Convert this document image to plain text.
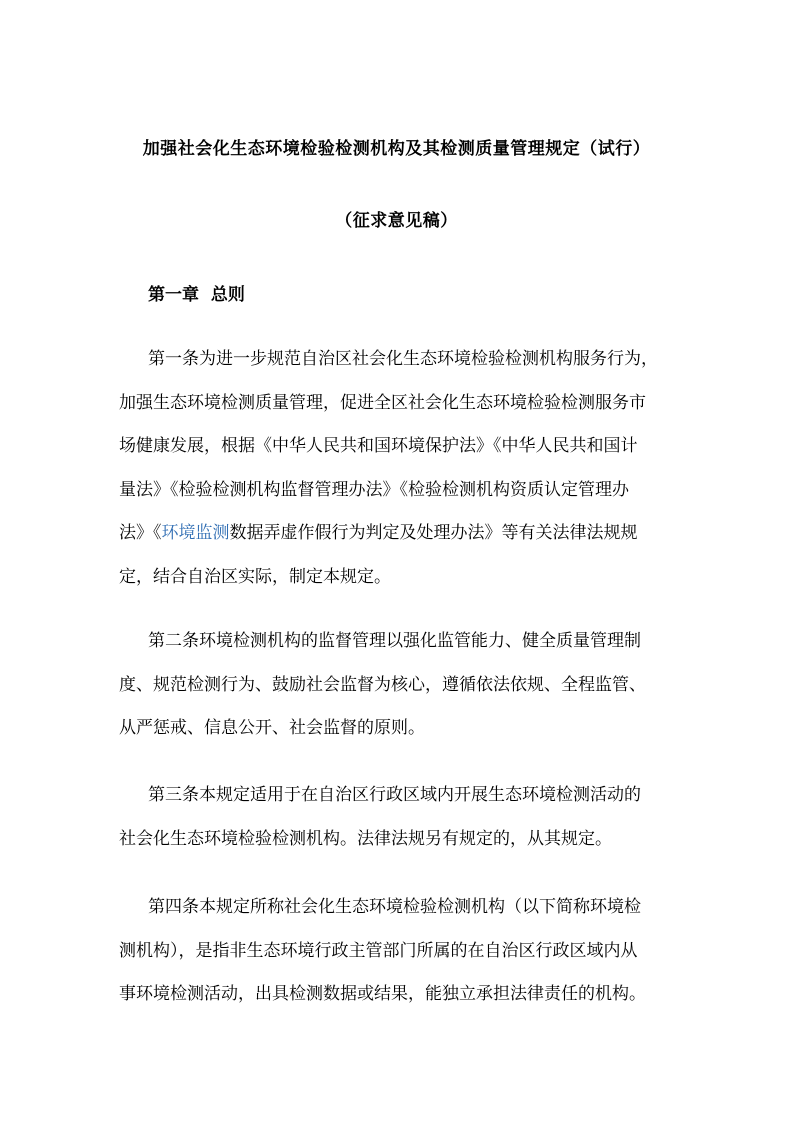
加强社会化生态环境检验检测机构及其检测质量管理规定（试行）
（征求意见稿）
第一章  总则
第一条为进一步规范自治区社会化生态环境检验检测机构服务行为，
加强生态环境检测质量管理，促进全区社会化生态环境检验检测服务市
场健康发展，根据《中华人民共和国环境保护法》《中华人民共和国计
量法》《检验检测机构监督管理办法》《检验检测机构资质认定管理办
法》《环境监测数据弄虚作假行为判定及处理办法》等有关法律法规规
定，结合自治区实际，制定本规定。
第二条环境检测机构的监督管理以强化监管能力、健全质量管理制
度、规范检测行为、鼓励社会监督为核心，遵循依法依规、全程监管、
从严惩戒、信息公开、社会监督的原则。
第三条本规定适用于在自治区行政区域内开展生态环境检测活动的
社会化生态环境检验检测机构。法律法规另有规定的，从其规定。
第四条本规定所称社会化生态环境检验检测机构（以下简称环境检
测机构），是指非生态环境行政主管部门所属的在自治区行政区域内从
事环境检测活动，出具检测数据或结果，能独立承担法律责任的机构。
